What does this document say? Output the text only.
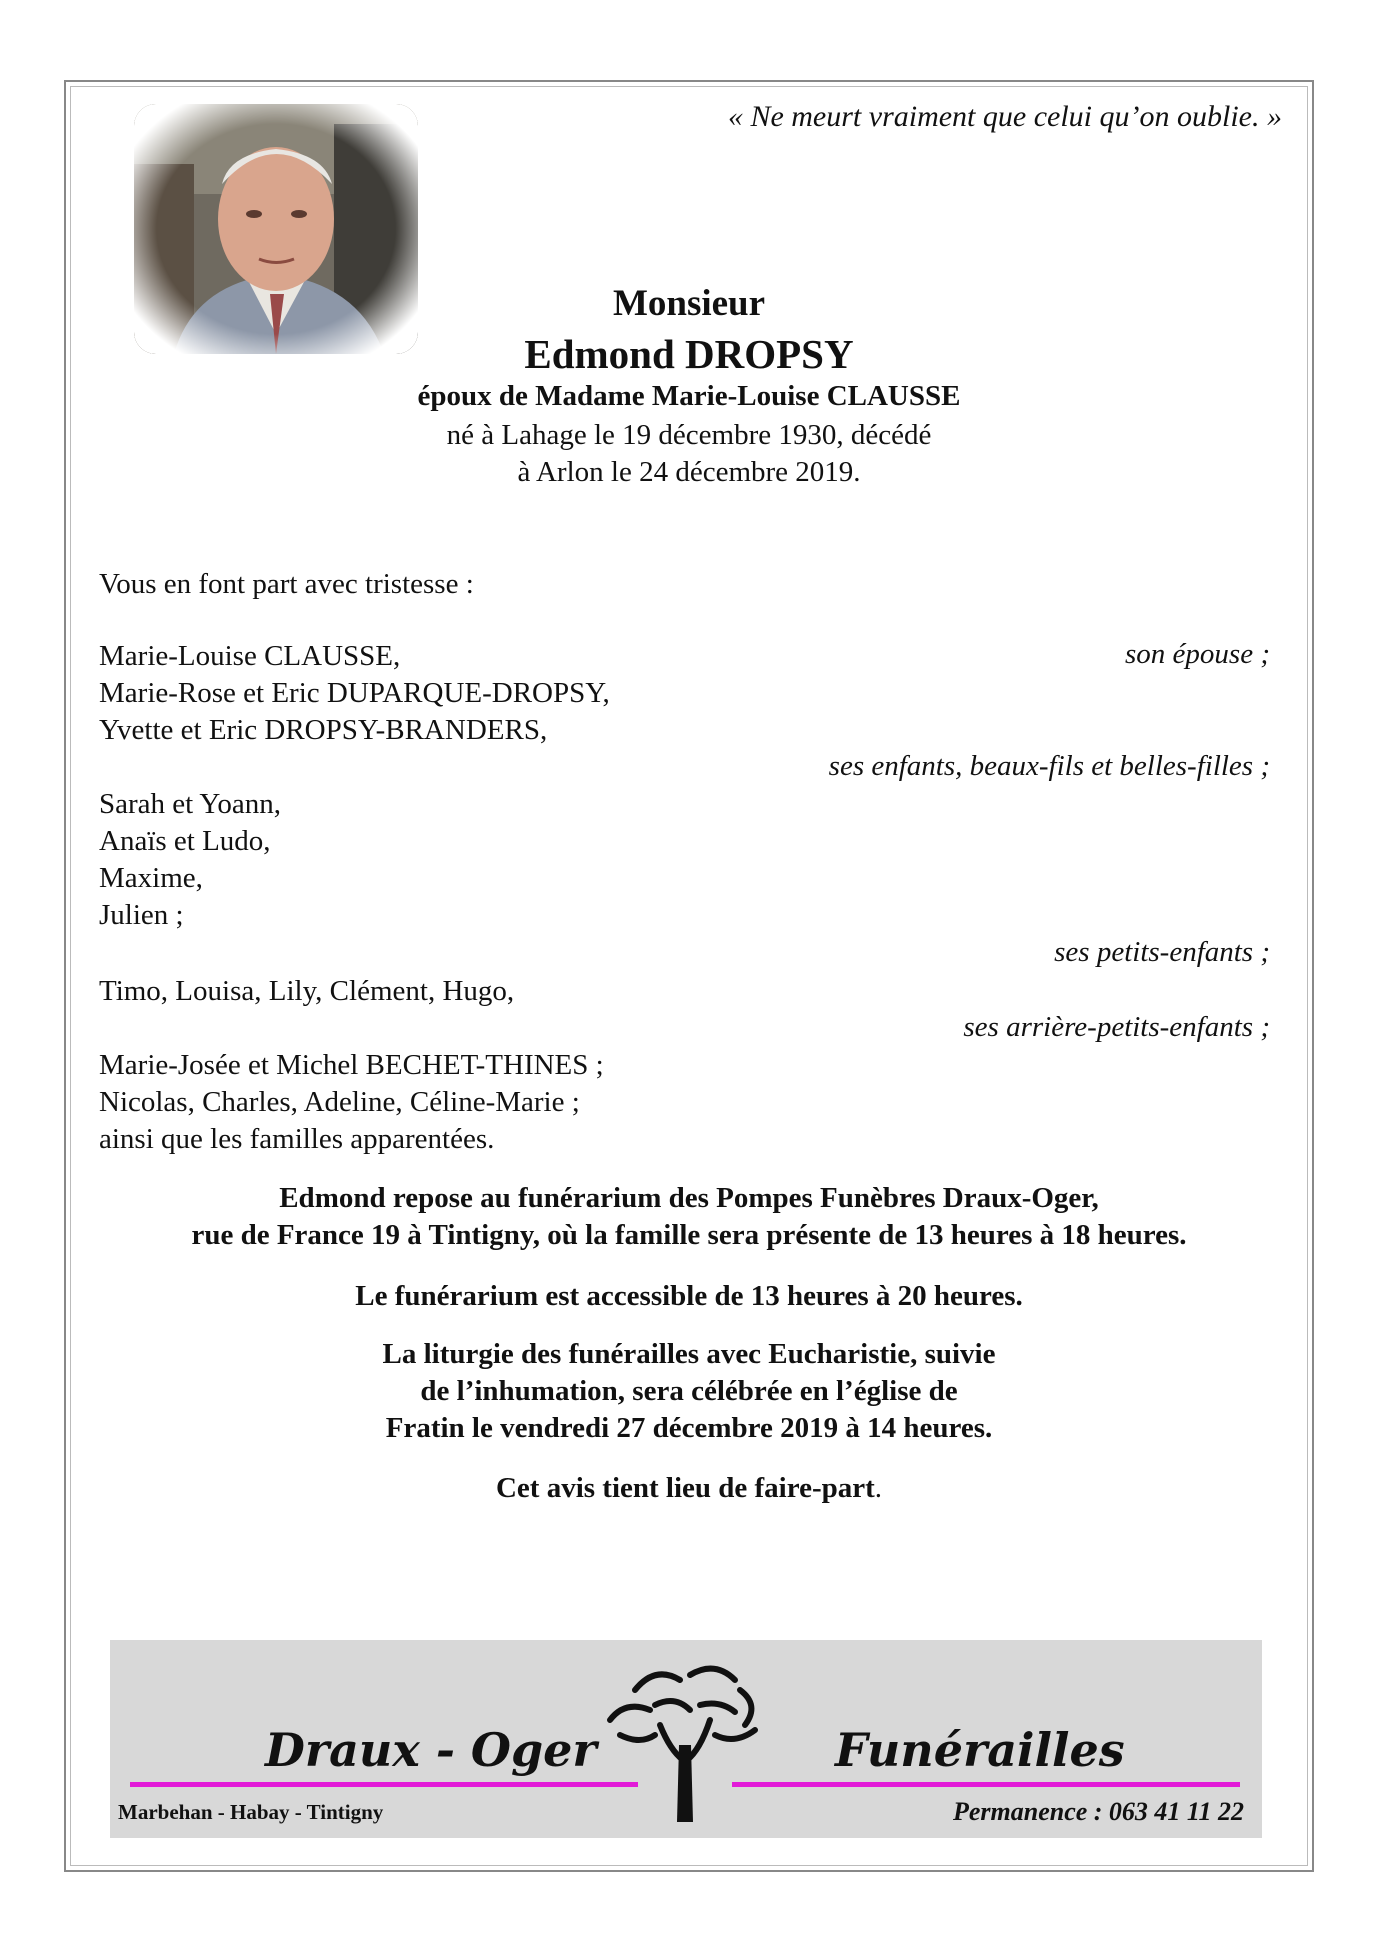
« Ne meurt vraiment que celui qu’on oublie. »
Monsieur
Edmond DROPSY
époux de Madame Marie-Louise CLAUSSE
né à Lahage le 19 décembre 1930, décédé
à Arlon le 24 décembre 2019.
Vous en font part avec tristesse :
Marie-Louise CLAUSSE,	son épouse ;
Marie-Rose et Eric DUPARQUE-DROPSY,
Yvette et Eric DROPSY-BRANDERS,
ses enfants, beaux-fils et belles-filles ;
Sarah et Yoann,
Anaïs et Ludo,
Maxime,
Julien ;
ses petits-enfants ;
Timo, Louisa, Lily, Clément, Hugo,
ses arrière-petits-enfants ;
Marie-Josée et Michel BECHET-THINES ;
Nicolas, Charles, Adeline, Céline-Marie ;
ainsi que les familles apparentées.
Edmond repose au funérarium des Pompes Funèbres Draux-Oger,
rue de France 19 à Tintigny, où la famille sera présente de 13 heures à 18 heures.
Le funérarium est accessible de 13 heures à 20 heures.
La liturgie des funérailles avec Eucharistie, suivie
de l’inhumation, sera célébrée en l’église de
Fratin le vendredi 27 décembre 2019 à 14 heures.
Cet avis tient lieu de faire-part.
Draux - Oger	Funérailles
Marbehan - Habay - Tintigny	Permanence : 063 41 11 22
